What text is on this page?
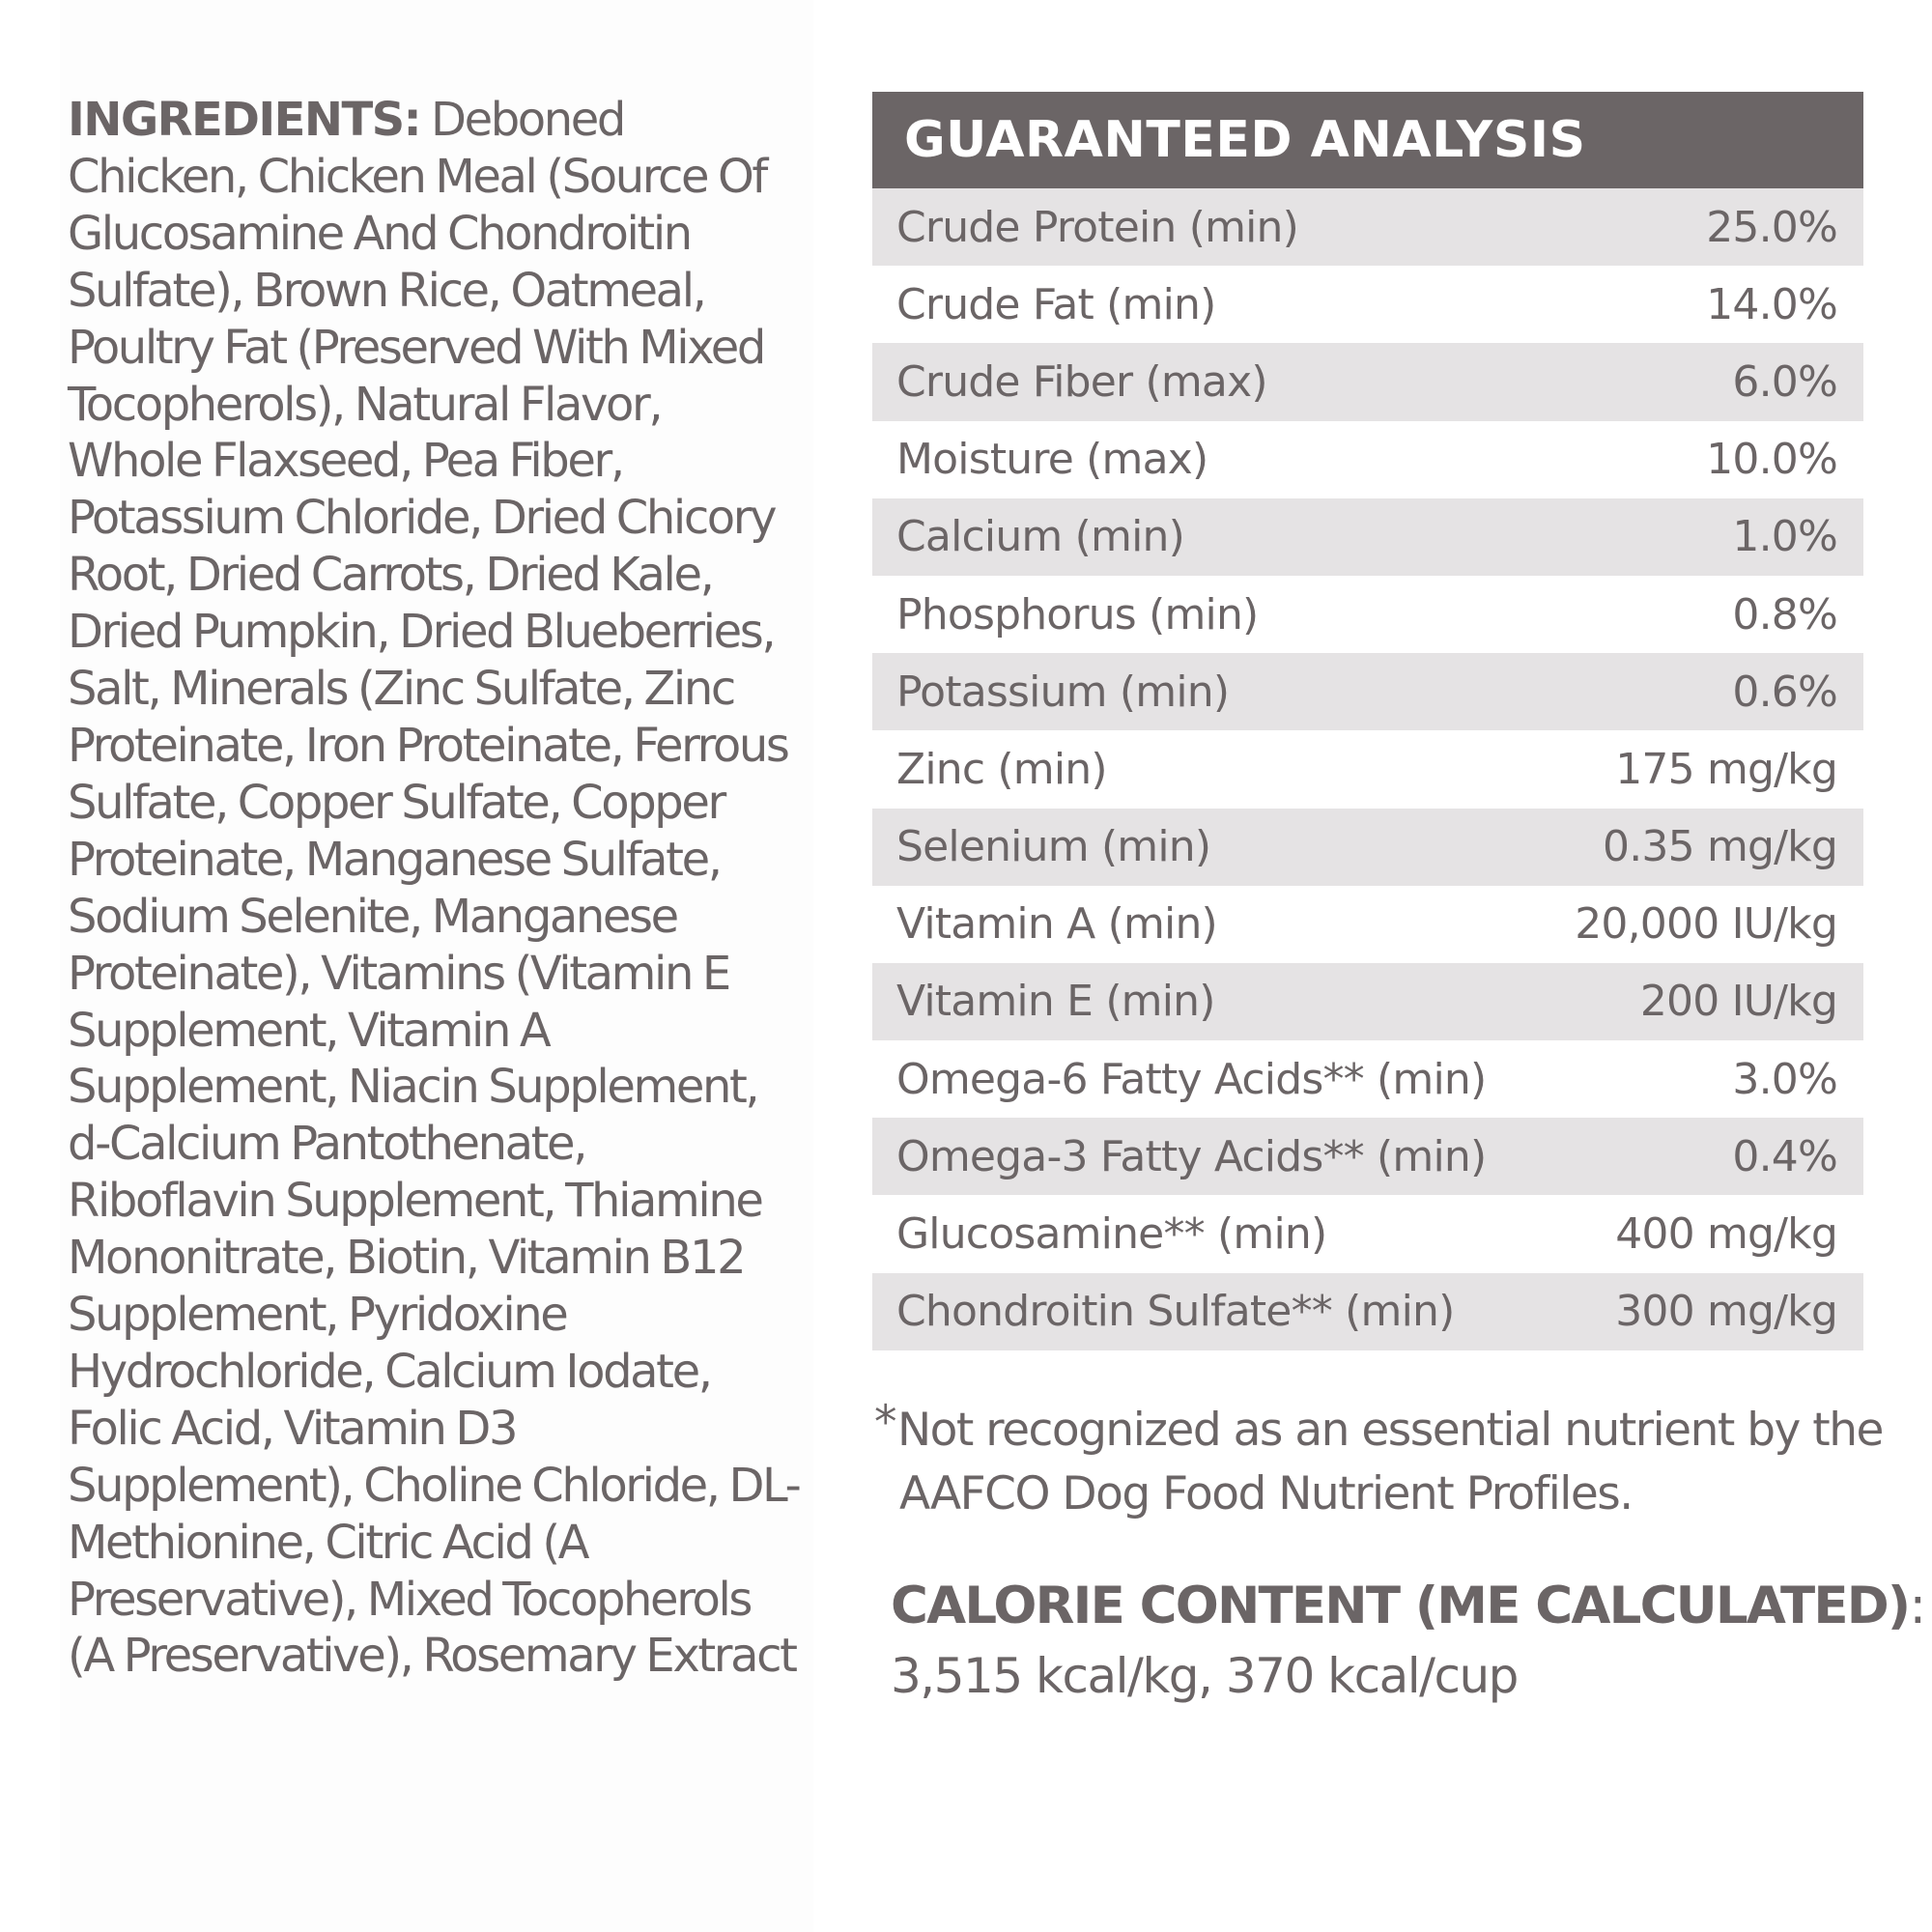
INGREDIENTS: Deboned Chicken, Chicken Meal (Source Of Glucosamine And Chondroitin Sulfate), Brown Rice, Oatmeal, Poultry Fat (Preserved With Mixed Tocopherols), Natural Flavor, Whole Flaxseed, Pea Fiber, Potassium Chloride, Dried Chicory Root, Dried Carrots, Dried Kale, Dried Pumpkin, Dried Blueberries, Salt, Minerals (Zinc Sulfate, Zinc Proteinate, Iron Proteinate, Ferrous Sulfate, Copper Sulfate, Copper Proteinate, Manganese Sulfate, Sodium Selenite, Manganese Proteinate), Vitamins (Vitamin E Supplement, Vitamin A Supplement, Niacin Supplement, d-Calcium Pantothenate, Riboflavin Supplement, Thiamine Mononitrate, Biotin, Vitamin B12 Supplement, Pyridoxine Hydrochloride, Calcium Iodate, Folic Acid, Vitamin D3 Supplement), Choline Chloride, DL-Methionine, Citric Acid (A Preservative), Mixed Tocopherols (A Preservative), Rosemary Extract

GUARANTEED ANALYSIS
Crude Protein (min)	25.0%
Crude Fat (min)	14.0%
Crude Fiber (max)	6.0%
Moisture (max)	10.0%
Calcium (min)	1.0%
Phosphorus (min)	0.8%
Potassium (min)	0.6%
Zinc (min)	175 mg/kg
Selenium (min)	0.35 mg/kg
Vitamin A (min)	20,000 IU/kg
Vitamin E (min)	200 IU/kg
Omega-6 Fatty Acids** (min)	3.0%
Omega-3 Fatty Acids** (min)	0.4%
Glucosamine** (min)	400 mg/kg
Chondroitin Sulfate** (min)	300 mg/kg

*Not recognized as an essential nutrient by the
AAFCO Dog Food Nutrient Profiles.

CALORIE CONTENT (ME CALCULATED):

3,515 kcal/kg, 370 kcal/cup
